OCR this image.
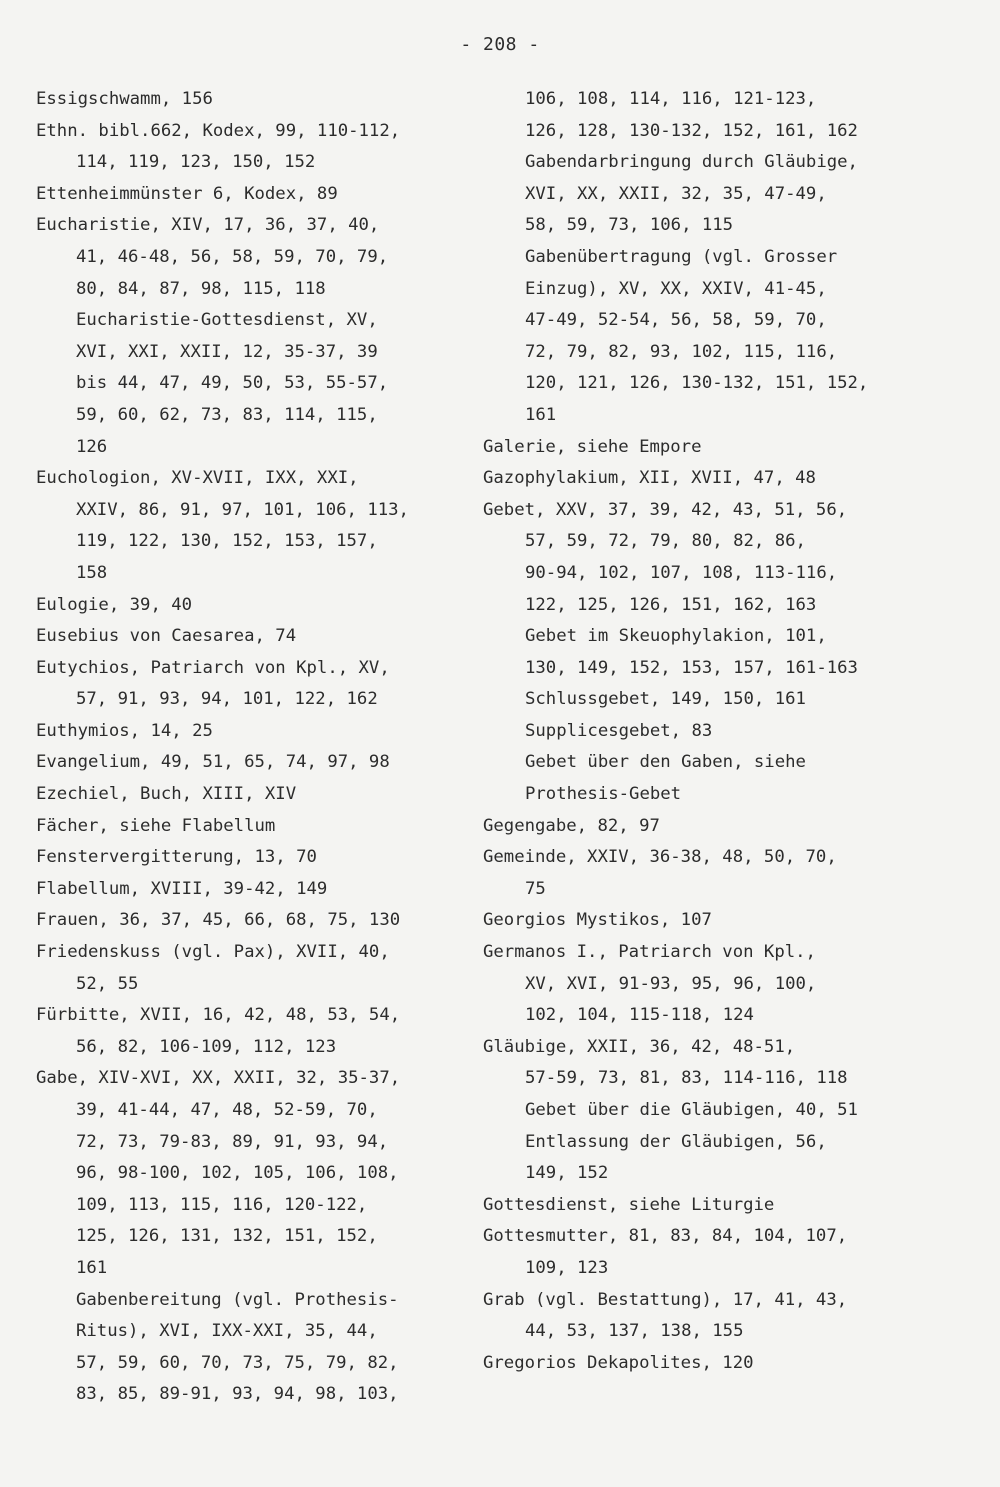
- 208 -
Essigschwamm, 156
Ethn. bibl.662, Kodex, 99, 110-112,
114, 119, 123, 150, 152
Ettenheimmünster 6, Kodex, 89
Eucharistie, XIV, 17, 36, 37, 40,
41, 46-48, 56, 58, 59, 70, 79,
80, 84, 87, 98, 115, 118
Eucharistie-Gottesdienst, XV,
XVI, XXI, XXII, 12, 35-37, 39
bis 44, 47, 49, 50, 53, 55-57,
59, 60, 62, 73, 83, 114, 115,
126
Euchologion, XV-XVII, IXX, XXI,
XXIV, 86, 91, 97, 101, 106, 113,
119, 122, 130, 152, 153, 157,
158
Eulogie, 39, 40
Eusebius von Caesarea, 74
Eutychios, Patriarch von Kpl., XV,
57, 91, 93, 94, 101, 122, 162
Euthymios, 14, 25
Evangelium, 49, 51, 65, 74, 97, 98
Ezechiel, Buch, XIII, XIV
Fächer, siehe Flabellum
Fenstervergitterung, 13, 70
Flabellum, XVIII, 39-42, 149
Frauen, 36, 37, 45, 66, 68, 75, 130
Friedenskuss (vgl. Pax), XVII, 40,
52, 55
Fürbitte, XVII, 16, 42, 48, 53, 54,
56, 82, 106-109, 112, 123
Gabe, XIV-XVI, XX, XXII, 32, 35-37,
39, 41-44, 47, 48, 52-59, 70,
72, 73, 79-83, 89, 91, 93, 94,
96, 98-100, 102, 105, 106, 108,
109, 113, 115, 116, 120-122,
125, 126, 131, 132, 151, 152,
161
Gabenbereitung (vgl. Prothesis-
Ritus), XVI, IXX-XXI, 35, 44,
57, 59, 60, 70, 73, 75, 79, 82,
83, 85, 89-91, 93, 94, 98, 103,
106, 108, 114, 116, 121-123,
126, 128, 130-132, 152, 161, 162
Gabendarbringung durch Gläubige,
XVI, XX, XXII, 32, 35, 47-49,
58, 59, 73, 106, 115
Gabenübertragung (vgl. Grosser
Einzug), XV, XX, XXIV, 41-45,
47-49, 52-54, 56, 58, 59, 70,
72, 79, 82, 93, 102, 115, 116,
120, 121, 126, 130-132, 151, 152,
161
Galerie, siehe Empore
Gazophylakium, XII, XVII, 47, 48
Gebet, XXV, 37, 39, 42, 43, 51, 56,
57, 59, 72, 79, 80, 82, 86,
90-94, 102, 107, 108, 113-116,
122, 125, 126, 151, 162, 163
Gebet im Skeuophylakion, 101,
130, 149, 152, 153, 157, 161-163
Schlussgebet, 149, 150, 161
Supplicesgebet, 83
Gebet über den Gaben, siehe
Prothesis-Gebet
Gegengabe, 82, 97
Gemeinde, XXIV, 36-38, 48, 50, 70,
75
Georgios Mystikos, 107
Germanos I., Patriarch von Kpl.,
XV, XVI, 91-93, 95, 96, 100,
102, 104, 115-118, 124
Gläubige, XXII, 36, 42, 48-51,
57-59, 73, 81, 83, 114-116, 118
Gebet über die Gläubigen, 40, 51
Entlassung der Gläubigen, 56,
149, 152
Gottesdienst, siehe Liturgie
Gottesmutter, 81, 83, 84, 104, 107,
109, 123
Grab (vgl. Bestattung), 17, 41, 43,
44, 53, 137, 138, 155
Gregorios Dekapolites, 120
